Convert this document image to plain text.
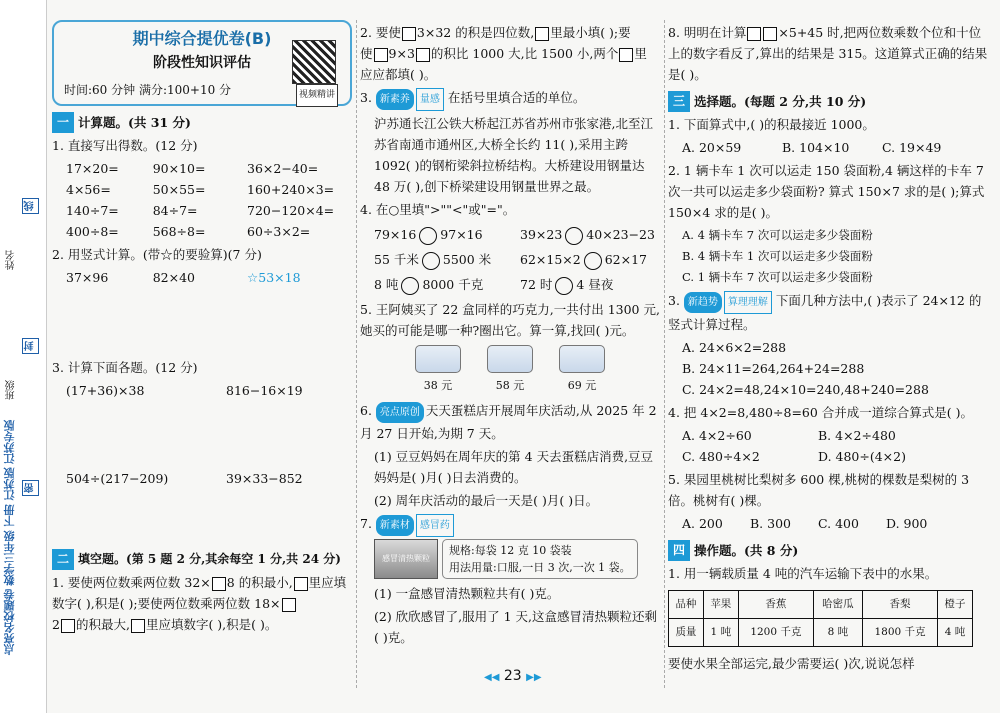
点亮名校题卷 数学三年级 下册 江苏版 江苏专版
线
封
密
姓名
班级
期中综合提优卷(B)
阶段性知识评估
时间:60 分钟 满分:100+10 分	视频精讲
一 计算题。(共 31 分)
1. 直接写出得数。(12 分)
17×20=	90×10=	36×2−40=
4×56=	50×55=	160+240×3=
140÷7=	84÷7=	720−120×4=
400÷8=	568÷8=	60÷3×2=
2. 用竖式计算。(带☆的要验算)(7 分)
37×96	82×40	☆53×18
3. 计算下面各题。(12 分)
(17+36)×38	816−16×19
504÷(217−209)	39×33−852
二 填空题。(第 5 题 2 分,其余每空 1 分,共 24 分)
1. 要使两位数乘两位数 32× 8 的积最小, 里应填 数字( ),积是( );要使两位数乘两位数 18×
2 的积最大, 里应填数字( ),积是( )。
2. 要使 3×32 的积是四位数, 里最小填( );要
使 9×3 的积比 1000 大,比 1500 小,两个 里
应应都填( )。
3. 新素养 量感 在括号里填合适的单位。
沪苏通长江公铁大桥起江苏省苏州市张家港,北至江苏省南通市通州区,大桥全长约 11( ),采用主跨 1092( )的钢桁梁斜拉桥结构。大桥建设用钢量达 48 万( ),创下桥梁建设用钢量世界之最。
4. 在○里填">""<"或"="。
79×16 97×16	39×23 40×23−23
55 千米 5500 米	62×15×2 62×17
8 吨 8000 千克	72 时 4 昼夜
5. 王阿姨买了 22 盒同样的巧克力,一共付出 1300 元,她买的可能是哪一种?圈出它。算一算,找回( )元。
38 元	58 元	69 元
6. 亮点原创 天天蛋糕店开展周年庆活动,从 2025 年 2 月 27 日开始,为期 7 天。
(1) 豆豆妈妈在周年庆的第 4 天去蛋糕店消费,豆豆妈妈是( )月( )日去消费的。
(2) 周年庆活动的最后一天是( )月( )日。
7. 新素材 感冒药
感冒清热颗粒
规格:每袋 12 克 10 袋装
用法用量:口服,一日 3 次,一次 1 袋。
(1) 一盒感冒清热颗粒共有( )克。
(2) 欣欣感冒了,服用了 1 天,这盒感冒清热颗粒还剩( )克。
8. 明明在计算	×5+45 时,把两位数乘数个位和十位上的数字看反了,算出的结果是 315。这道算式正确的结果是( )。
三 选择题。(每题 2 分,共 10 分)
1. 下面算式中,( )的积最接近 1000。
A. 20×59	B. 104×10	C. 19×49
2. 1 辆卡车 1 次可以运走 150 袋面粉,4 辆这样的卡车 7 次一共可以运走多少袋面粉? 算式 150×7 求的是( );算式 150×4 求的是( )。
A. 4 辆卡车 7 次可以运走多少袋面粉
B. 4 辆卡车 1 次可以运走多少袋面粉
C. 1 辆卡车 7 次可以运走多少袋面粉
3. 新趋势 算理理解 下面几种方法中,( )表示了 24×12 的竖式计算过程。
A. 24×6×2=288
B. 24×11=264,264+24=288
C. 24×2=48,24×10=240,48+240=288
4. 把 4×2=8,480÷8=60 合并成一道综合算式是( )。
A. 4×2÷60	B. 4×2÷480
C. 480÷4×2	D. 480÷(4×2)
5. 果园里桃树比梨树多 600 棵,桃树的棵数是梨树的 3 倍。桃树有( )棵。
A. 200	B. 300	C. 400	D. 900
四 操作题。(共 8 分)
1. 用一辆载质量 4 吨的汽车运输下表中的水果。
品种	苹果	香蕉	哈密瓜	香梨	橙子
质量	1 吨	1200 千克	8 吨	1800 千克	4 吨
要使水果全部运完,最少需要运( )次,说说怎样
◀◀ 23 ▶▶
